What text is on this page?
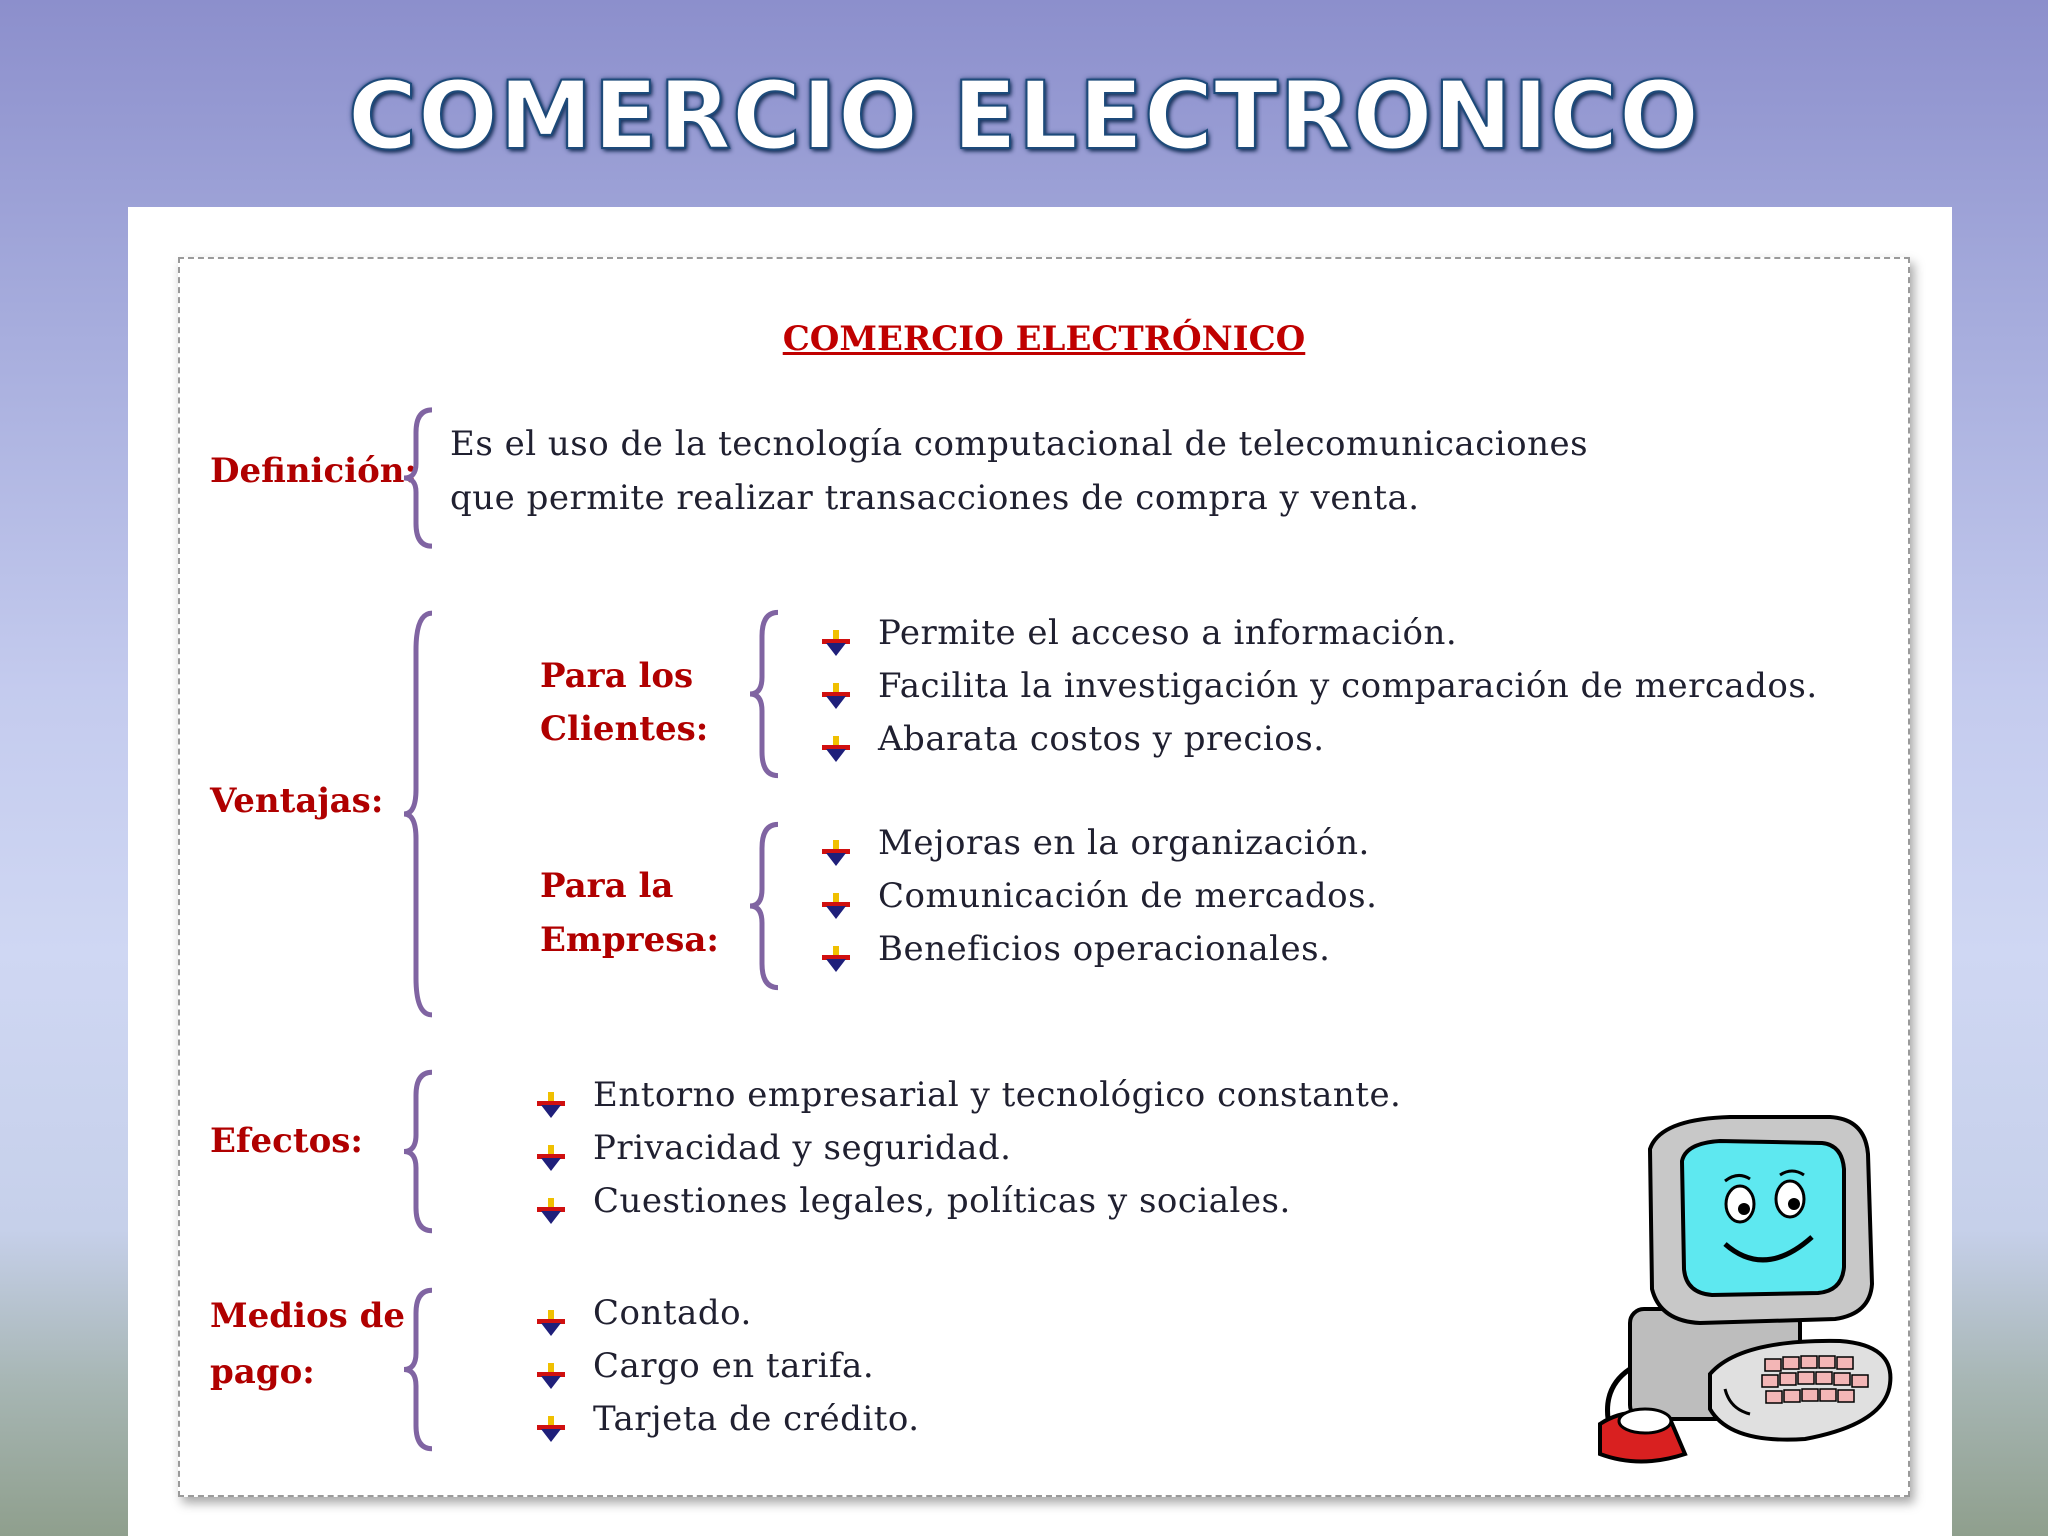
COMERCIO ELECTRONICO
COMERCIO ELECTRÓNICO
Definición:
Es el uso de la tecnología computacional de telecomunicaciones
que permite realizar transacciones de compra y venta.
Ventajas:
Para los
Clientes:
Permite el acceso a información.
Facilita la investigación y comparación de mercados.
Abarata costos y precios.
Para la
Empresa:
Mejoras en la organización.
Comunicación de mercados.
Beneficios operacionales.
Efectos:
Entorno empresarial y tecnológico constante.
Privacidad y seguridad.
Cuestiones legales, políticas y sociales.
Medios de
pago:
Contado.
Cargo en tarifa.
Tarjeta de crédito.
